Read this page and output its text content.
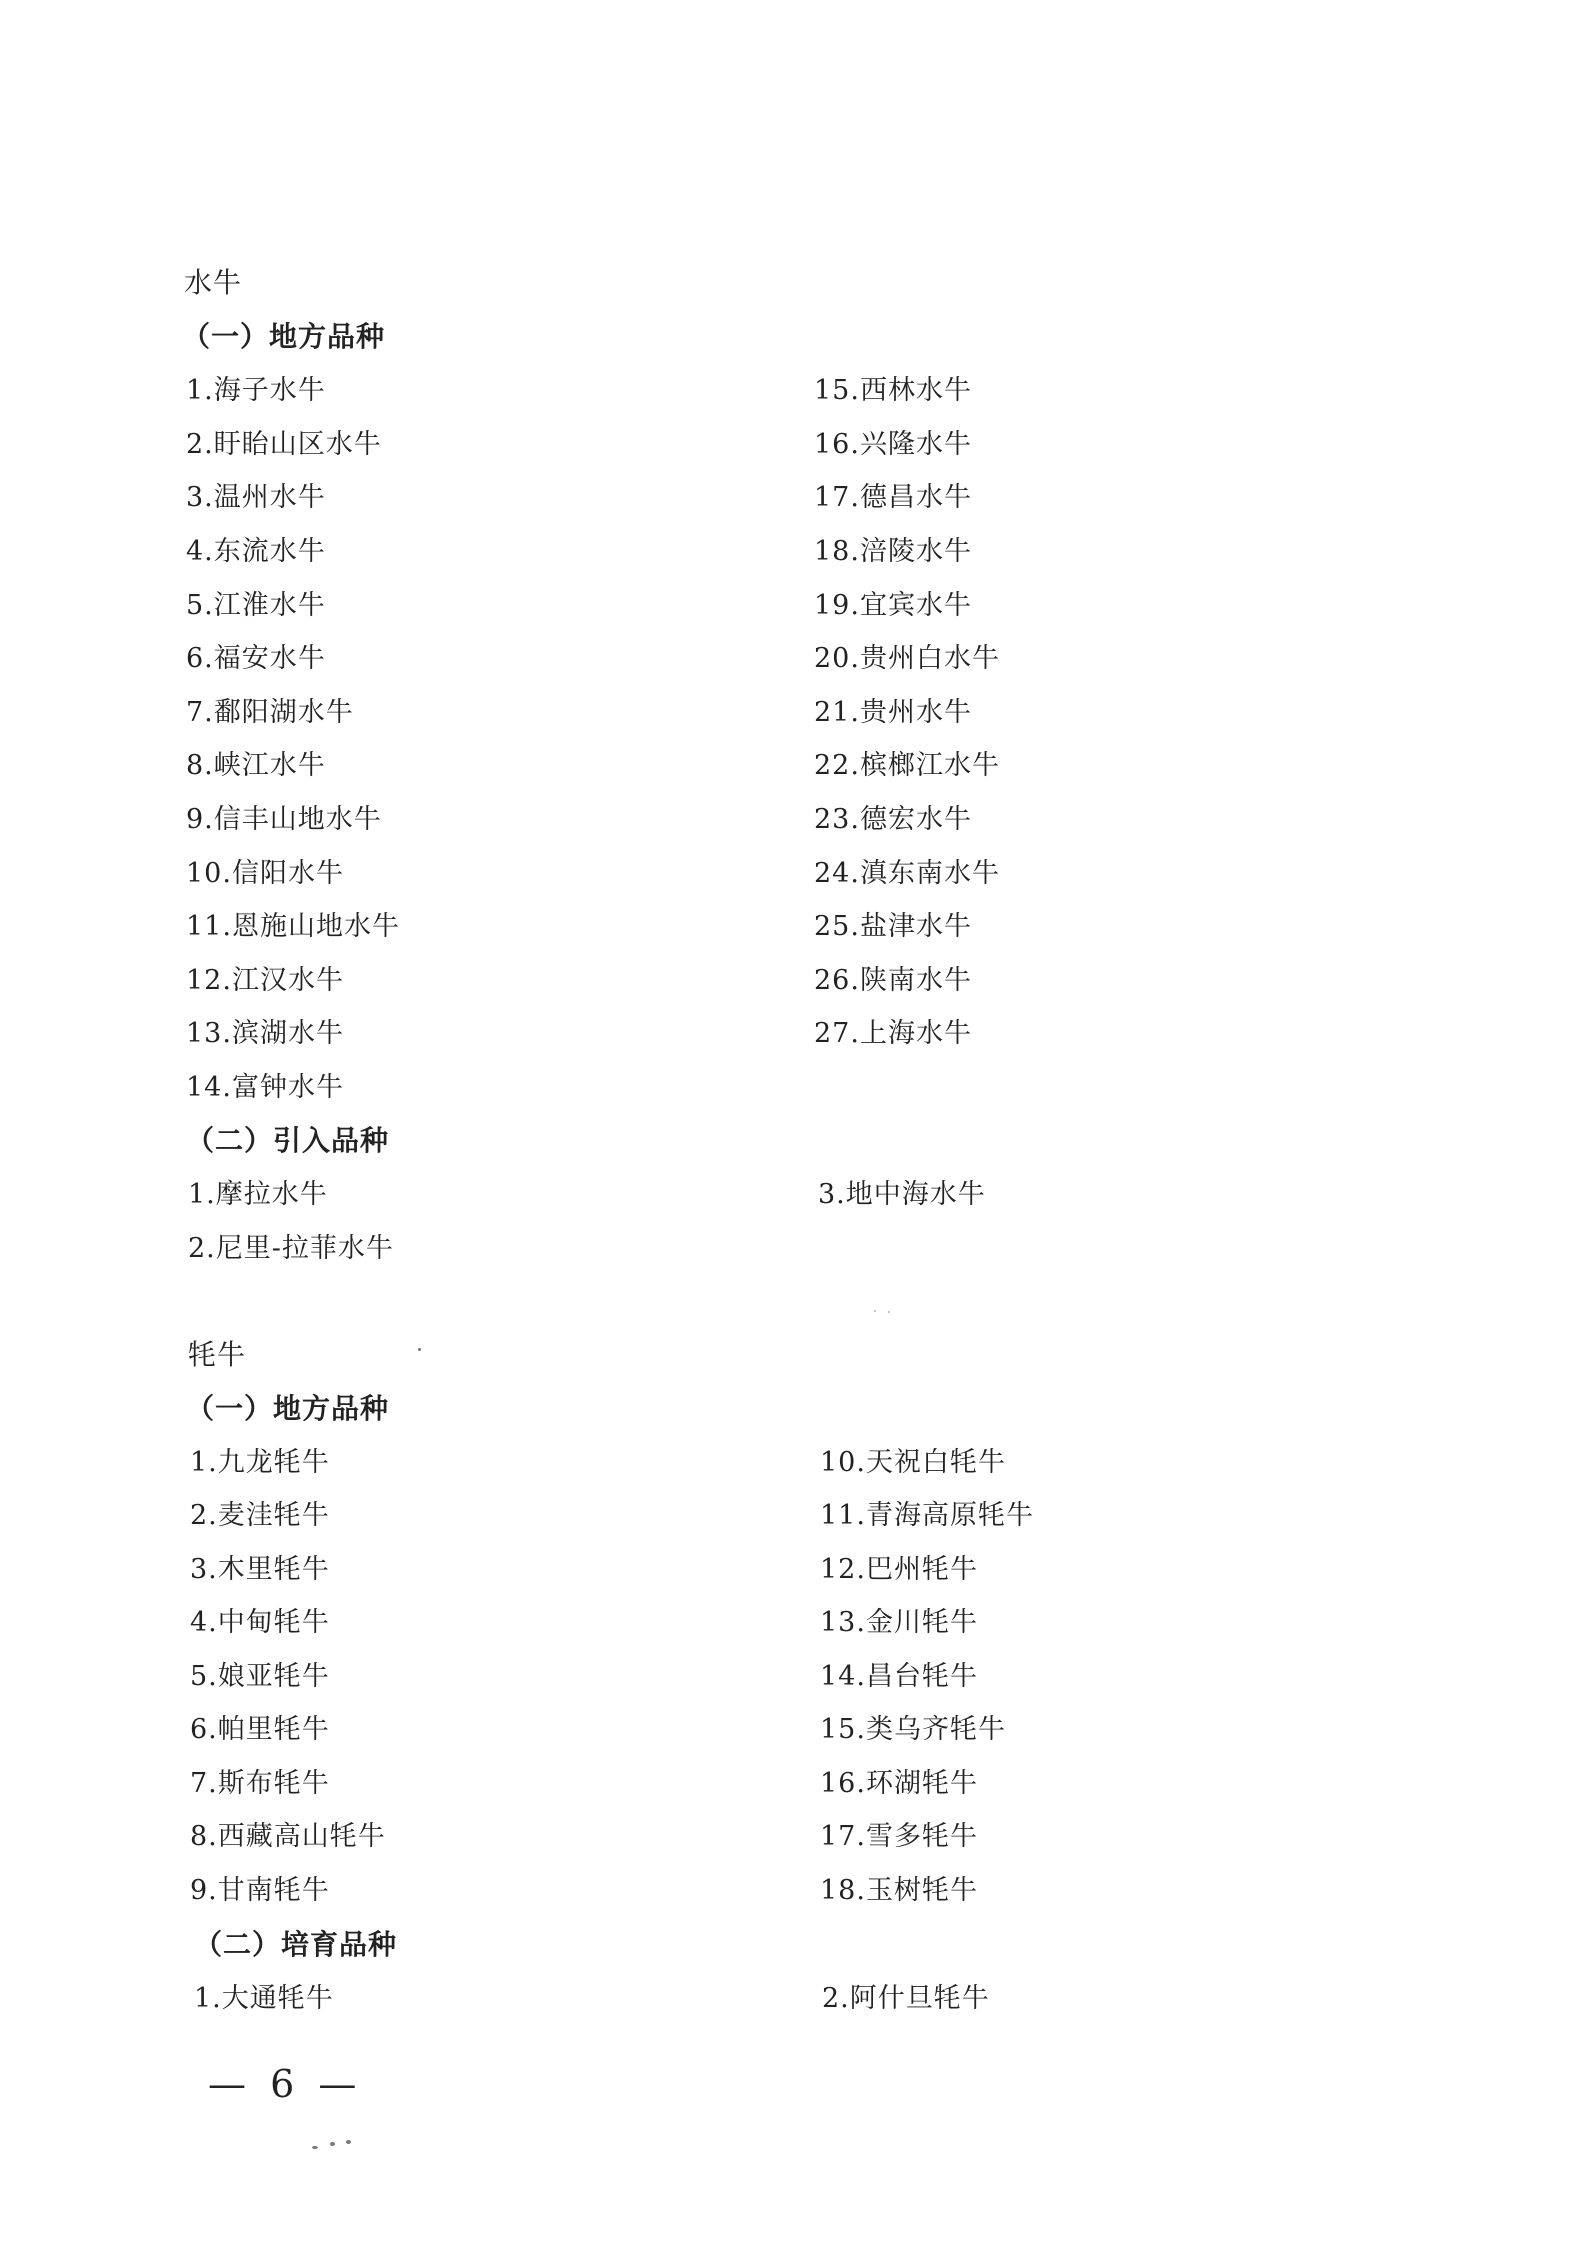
水牛
（一）地方品种
1.海子水牛
2.盱眙山区水牛
3.温州水牛
4.东流水牛
5.江淮水牛
6.福安水牛
7.鄱阳湖水牛
8.峡江水牛
9.信丰山地水牛
10.信阳水牛
11.恩施山地水牛
12.江汉水牛
13.滨湖水牛
14.富钟水牛
15.西林水牛
16.兴隆水牛
17.德昌水牛
18.涪陵水牛
19.宜宾水牛
20.贵州白水牛
21.贵州水牛
22.槟榔江水牛
23.德宏水牛
24.滇东南水牛
25.盐津水牛
26.陕南水牛
27.上海水牛
（二）引入品种
1.摩拉水牛
2.尼里-拉菲水牛
3.地中海水牛
牦牛
（一）地方品种
1.九龙牦牛
2.麦洼牦牛
3.木里牦牛
4.中甸牦牛
5.娘亚牦牛
6.帕里牦牛
7.斯布牦牛
8.西藏高山牦牛
9.甘南牦牛
10.天祝白牦牛
11.青海高原牦牛
12.巴州牦牛
13.金川牦牛
14.昌台牦牛
15.类乌齐牦牛
16.环湖牦牛
17.雪多牦牛
18.玉树牦牛
（二）培育品种
1.大通牦牛	2.阿什旦牦牛
— 6 —
